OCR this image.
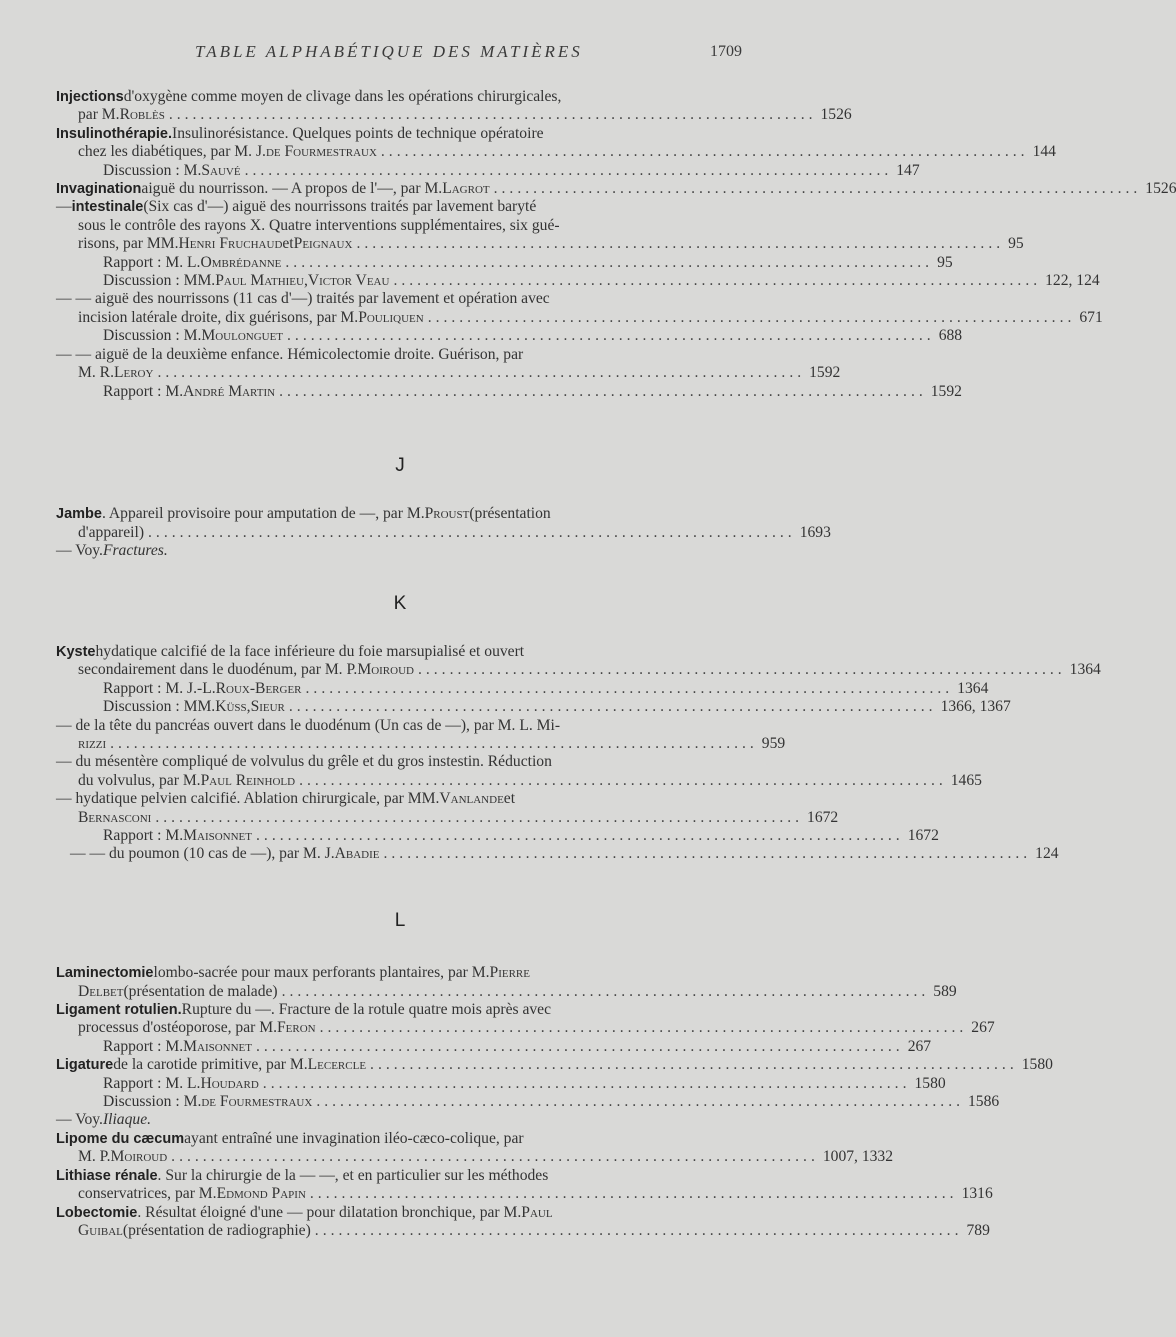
TABLE ALPHABÉTIQUE DES MATIÈRES	1709
Injections d'oxygène comme moyen de clivage dans les opérations chirurgicales,
par M. Roblès .................................................................................. 1526
Insulinothérapie. Insulinorésistance. Quelques points de technique opératoire
chez les diabétiques, par M. J. de Fourmestraux .................................................................................. 144
Discussion : M. Sauvé .................................................................................. 147
Invagination aiguë du nourrisson. — A propos de l'—, par M. Lagrot .................................................................................. 1526
— intestinale (Six cas d'—) aiguë des nourrissons traités par lavement baryté
sous le contrôle des rayons X. Quatre interventions supplémentaires, six gué-
risons, par MM. Henri Fruchaud et Peignaux .................................................................................. 95
Rapport : M. L. Ombrédanne .................................................................................. 95
Discussion : MM. Paul Mathieu , Victor Veau .................................................................................. 122, 124
— — aiguë des nourrissons (11 cas d'—) traités par lavement et opération avec
incision latérale droite, dix guérisons, par M. Pouliquen .................................................................................. 671
Discussion : M. Moulonguet .................................................................................. 688
— — aiguë de la deuxième enfance. Hémicolectomie droite. Guérison, par
M. R. Leroy .................................................................................. 1592
Rapport : M. André Martin .................................................................................. 1592
J
Jambe . Appareil provisoire pour amputation de —, par M. Proust (présentation
d'appareil) .................................................................................. 1693
— Voy. Fractures.
K
Kyste hydatique calcifié de la face inférieure du foie marsupialisé et ouvert
secondairement dans le duodénum, par M. P. Moiroud .................................................................................. 1364
Rapport : M. J.-L. Roux-Berger .................................................................................. 1364
Discussion : MM. Küss , Sieur .................................................................................. 1366, 1367
— de la tête du pancréas ouvert dans le duodénum (Un cas de —), par M. L. Mi-
rizzi .................................................................................. 959
— du mésentère compliqué de volvulus du grêle et du gros instestin. Réduction
du volvulus, par M. Paul Reinhold .................................................................................. 1465
— hydatique pelvien calcifié. Ablation chirurgicale, par MM. Vanlande et
Bernasconi .................................................................................. 1672
Rapport : M. Maisonnet .................................................................................. 1672
— — du poumon (10 cas de —), par M. J. Abadie .................................................................................. 124
L
Laminectomie lombo-sacrée pour maux perforants plantaires, par M. Pierre
Delbet (présentation de malade) .................................................................................. 589
Ligament rotulien. Rupture du —. Fracture de la rotule quatre mois après avec
processus d'ostéoporose, par M. Feron .................................................................................. 267
Rapport : M. Maisonnet .................................................................................. 267
Ligature de la carotide primitive, par M. Lecercle .................................................................................. 1580
Rapport : M. L. Houdard .................................................................................. 1580
Discussion : M. de Fourmestraux .................................................................................. 1586
— Voy. Iliaque.
Lipome du cæcum ayant entraîné une invagination iléo-cæco-colique, par
M. P. Moiroud .................................................................................. 1007, 1332
Lithiase rénale . Sur la chirurgie de la — —, et en particulier sur les méthodes
conservatrices, par M. Edmond Papin .................................................................................. 1316
Lobectomie . Résultat éloigné d'une — pour dilatation bronchique, par M. Paul
Guibal (présentation de radiographie) .................................................................................. 789
